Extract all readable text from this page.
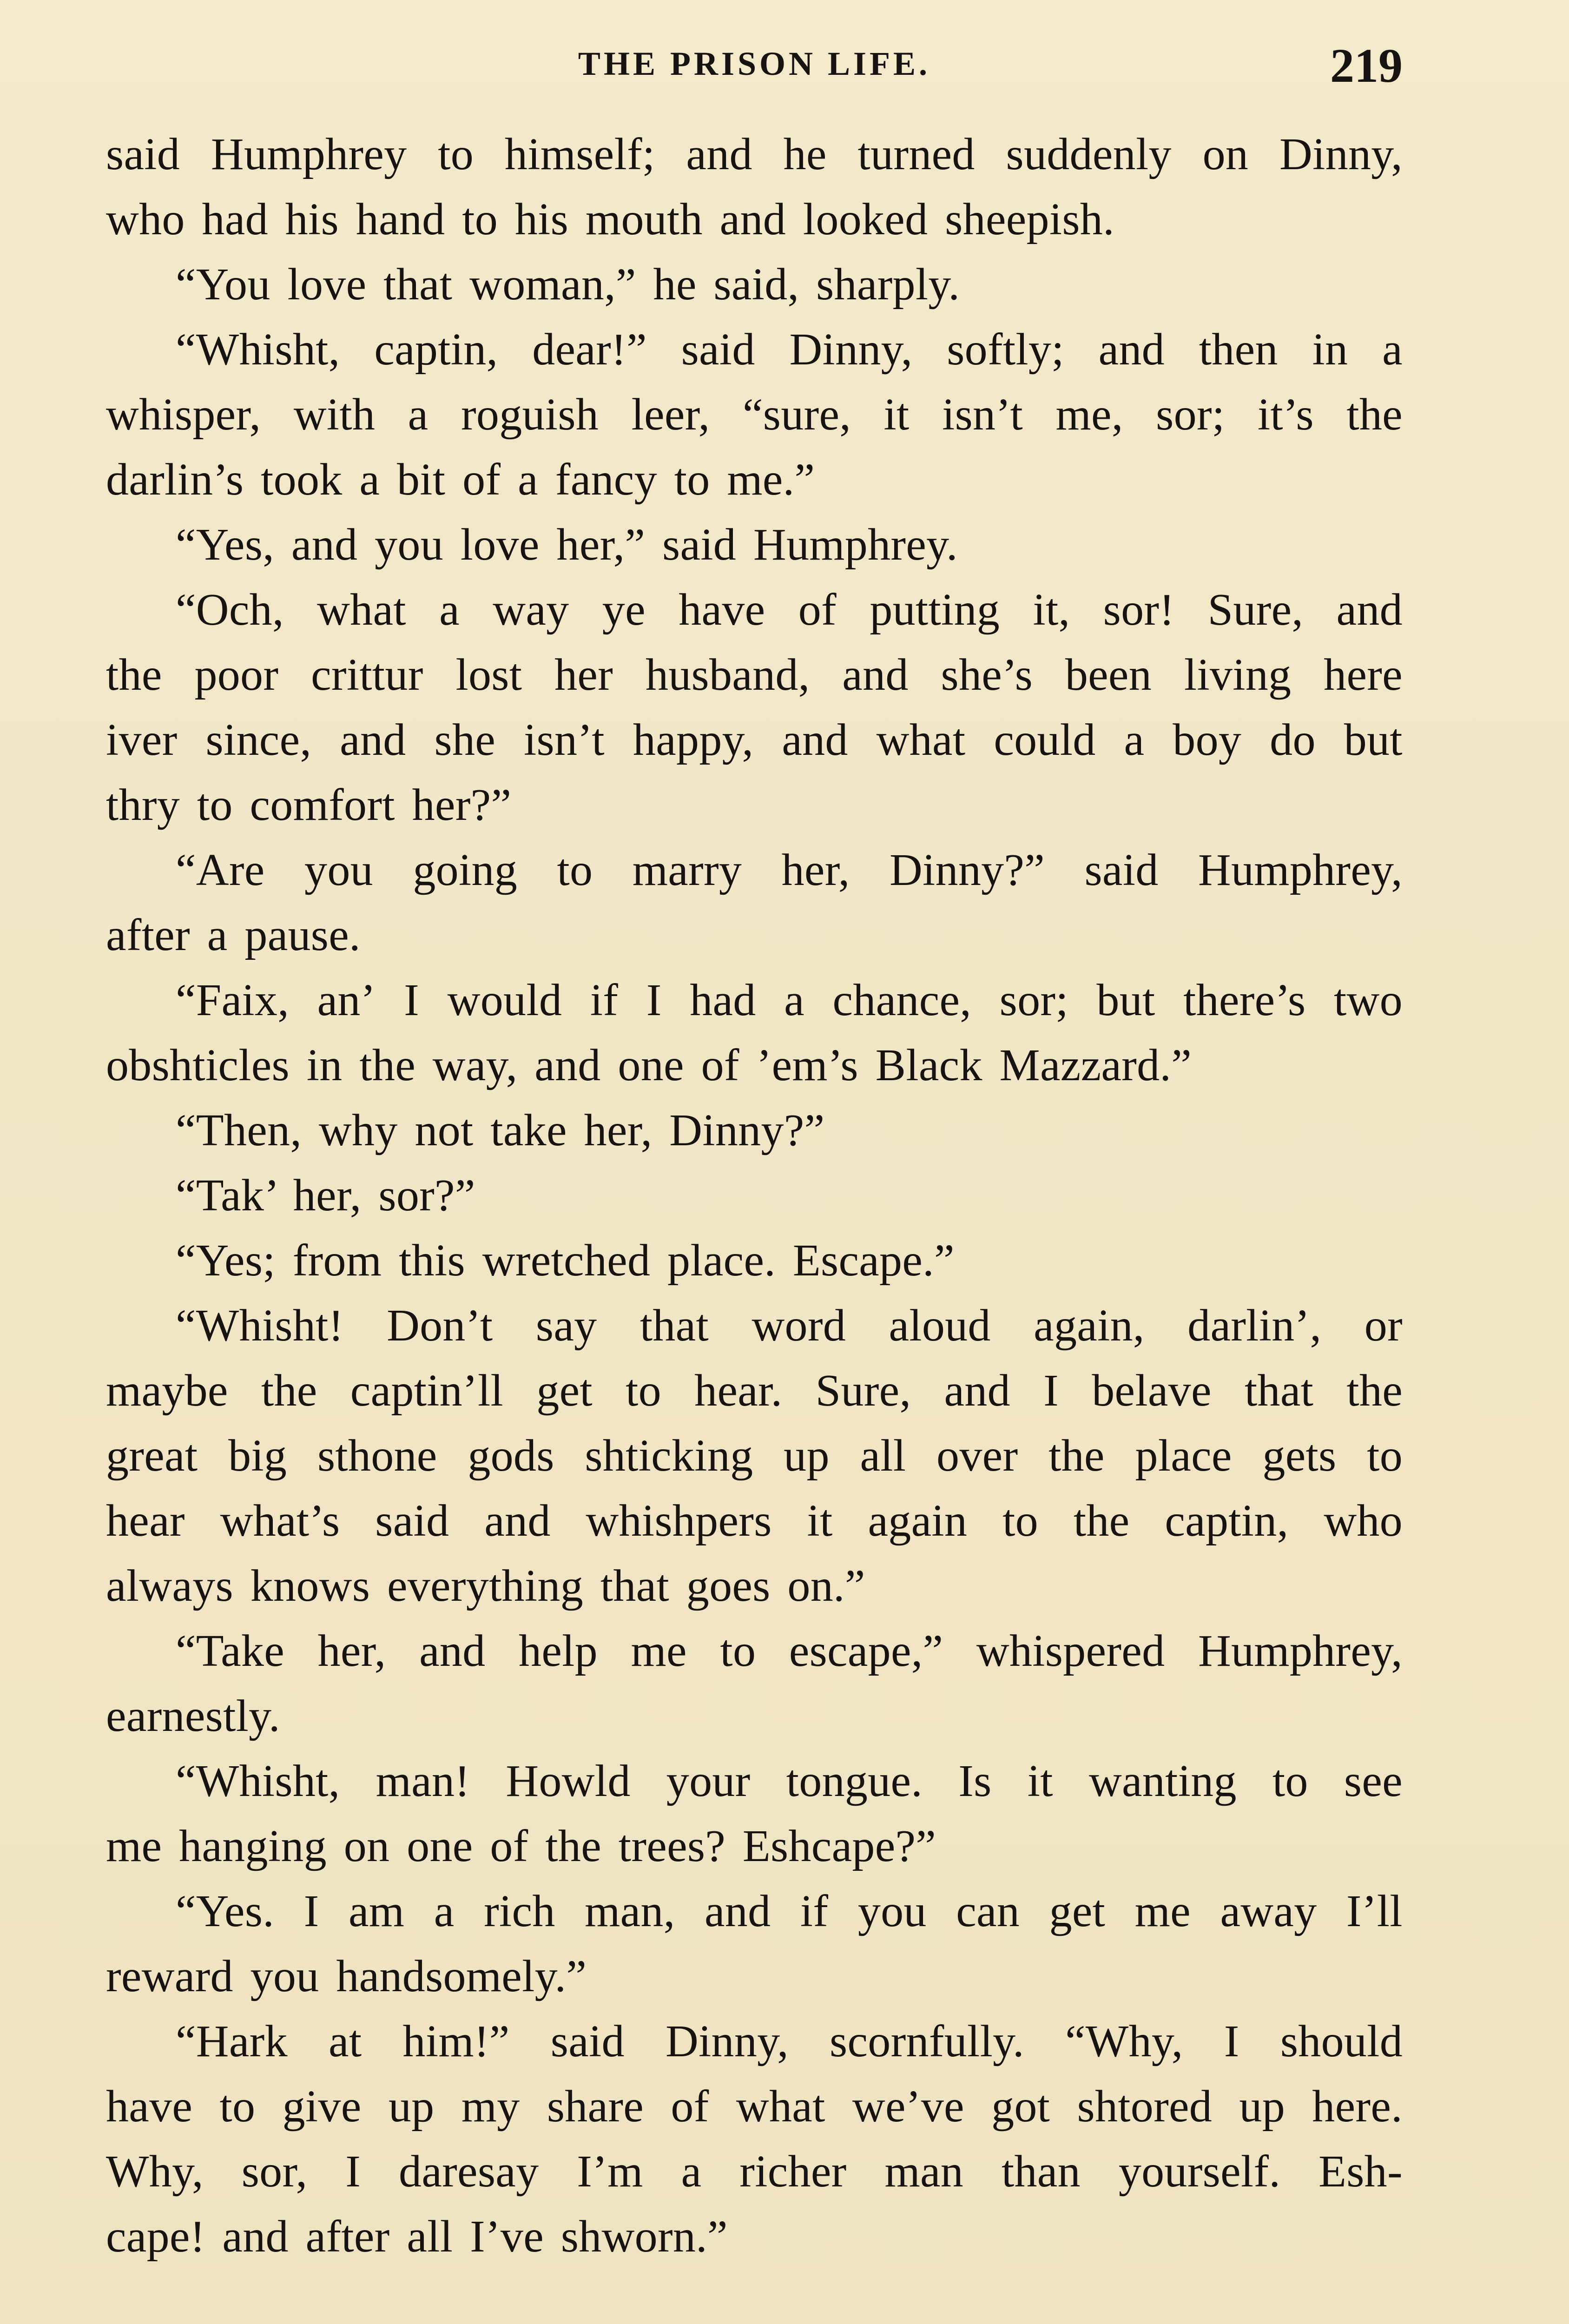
THE PRISON LIFE.	219
said Humphrey to himself; and he turned suddenly on Dinny,
who had his hand to his mouth and looked sheepish.
“You love that woman,” he said, sharply.
“Whisht, captin, dear!” said Dinny, softly; and then in a
whisper, with a roguish leer, “sure, it isn’t me, sor; it’s the
darlin’s took a bit of a fancy to me.”
“Yes, and you love her,” said Humphrey.
“Och, what a way ye have of putting it, sor! Sure, and
the poor crittur lost her husband, and she’s been living here
iver since, and she isn’t happy, and what could a boy do but
thry to comfort her?”
“Are you going to marry her, Dinny?” said Humphrey,
after a pause.
“Faix, an’ I would if I had a chance, sor; but there’s two
obshticles in the way, and one of ’em’s Black Mazzard.”
“Then, why not take her, Dinny?”
“Tak’ her, sor?”
“Yes; from this wretched place. Escape.”
“Whisht! Don’t say that word aloud again, darlin’, or
maybe the captin’ll get to hear. Sure, and I belave that the
great big sthone gods shticking up all over the place gets to
hear what’s said and whishpers it again to the captin, who
always knows everything that goes on.”
“Take her, and help me to escape,” whispered Humphrey,
earnestly.
“Whisht, man! Howld your tongue. Is it wanting to see
me hanging on one of the trees? Eshcape?”
“Yes. I am a rich man, and if you can get me away I’ll
reward you handsomely.”
“Hark at him!” said Dinny, scornfully. “Why, I should
have to give up my share of what we’ve got shtored up here.
Why, sor, I daresay I’m a richer man than yourself. Esh-
cape! and after all I’ve shworn.”
